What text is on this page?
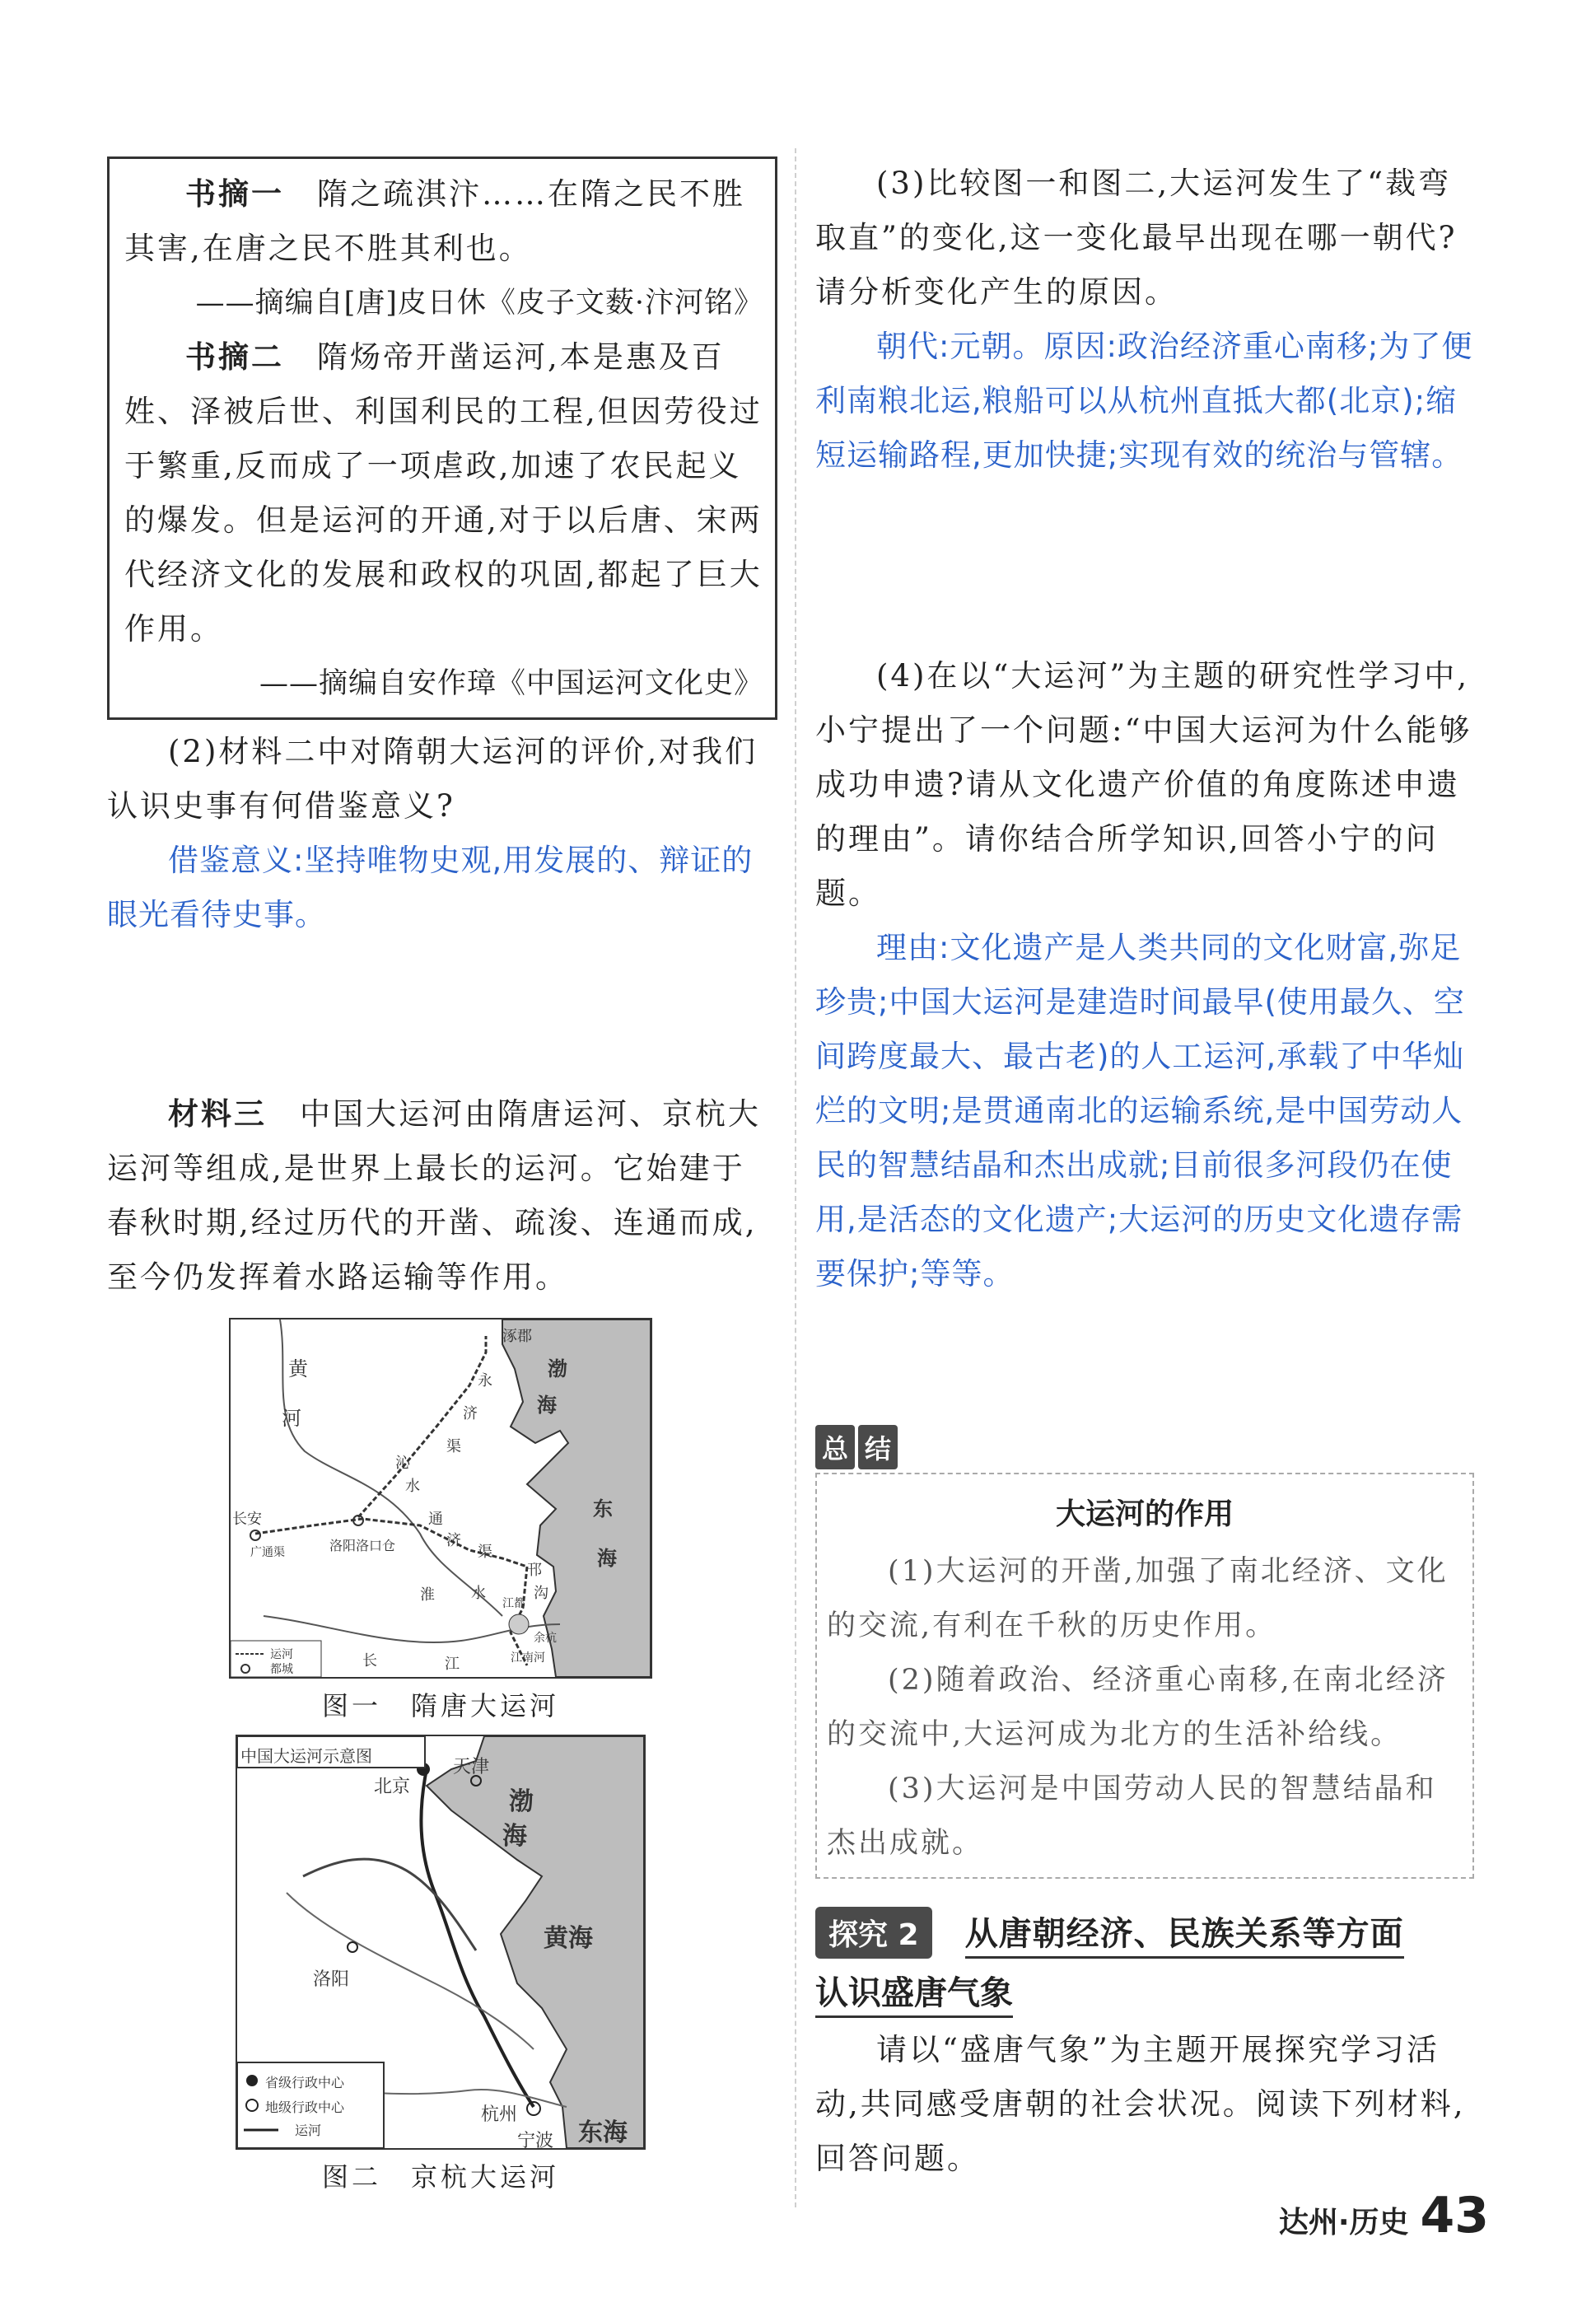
书摘一　 隋之疏淇汴……在隋之民不胜其害,在唐之民不胜其利也。

——摘编自[唐]皮日休《皮子文薮·汴河铭》

书摘二　 隋炀帝开凿运河,本是惠及百姓、泽被后世、利国利民的工程,但因劳役过于繁重,反而成了一项虐政,加速了农民起义的爆发。但是运河的开通,对于以后唐、宋两代经济文化的发展和政权的巩固,都起了巨大作用。

——摘编自安作璋《中国运河文化史》

(2)材料二中对隋朝大运河的评价,对我们认识史事有何借鉴意义?

借鉴意义:坚持唯物史观,用发展的、辩证的眼光看待史事。

材料三　 中国大运河由隋唐运河、京杭大运河等组成,是世界上最长的运河。它始建于春秋时期,经过历代的开凿、疏浚、连通而成,至今仍发挥着水路运输等作用。

黄
河
涿郡
永
济
渠
沁
水
渤
海
东
海
长安
广通渠	洛阳洛口仓
通
济
渠
淮 水
邗
沟
江都
长	江
余杭
江南河
运河
都城

图一　隋唐大运河

中国大运河示意图
北京
天津
渤
海
黄海
洛阳
杭州
宁波 东海
省级行政中心
地级行政中心
运河

图二　京杭大运河

(3)比较图一和图二,大运河发生了“裁弯取直”的变化,这一变化最早出现在哪一朝代?请分析变化产生的原因。

朝代:元朝。原因:政治经济重心南移;为了便利南粮北运,粮船可以从杭州直抵大都(北京);缩短运输路程,更加快捷;实现有效的统治与管辖。

(4)在以“大运河”为主题的研究性学习中,小宁提出了一个问题:“中国大运河为什么能够成功申遗?请从文化遗产价值的角度陈述申遗的理由”。请你结合所学知识,回答小宁的问题。

理由:文化遗产是人类共同的文化财富,弥足珍贵;中国大运河是建造时间最早(使用最久、空间跨度最大、最古老)的人工运河,承载了中华灿烂的文明;是贯通南北的运输系统,是中国劳动人民的智慧结晶和杰出成就;目前很多河段仍在使用,是活态的文化遗产;大运河的历史文化遗存需要保护;等等。

总 结

大运河的作用

(1)大运河的开凿,加强了南北经济、文化的交流,有利在千秋的历史作用。

(2)随着政治、经济重心南移,在南北经济的交流中,大运河成为北方的生活补给线。

(3)大运河是中国劳动人民的智慧结晶和杰出成就。

探究 2	从唐朝经济、民族关系等方面
认识盛唐气象

请以“盛唐气象”为主题开展探究学习活动,共同感受唐朝的社会状况。阅读下列材料,回答问题。

达州·历史 43
